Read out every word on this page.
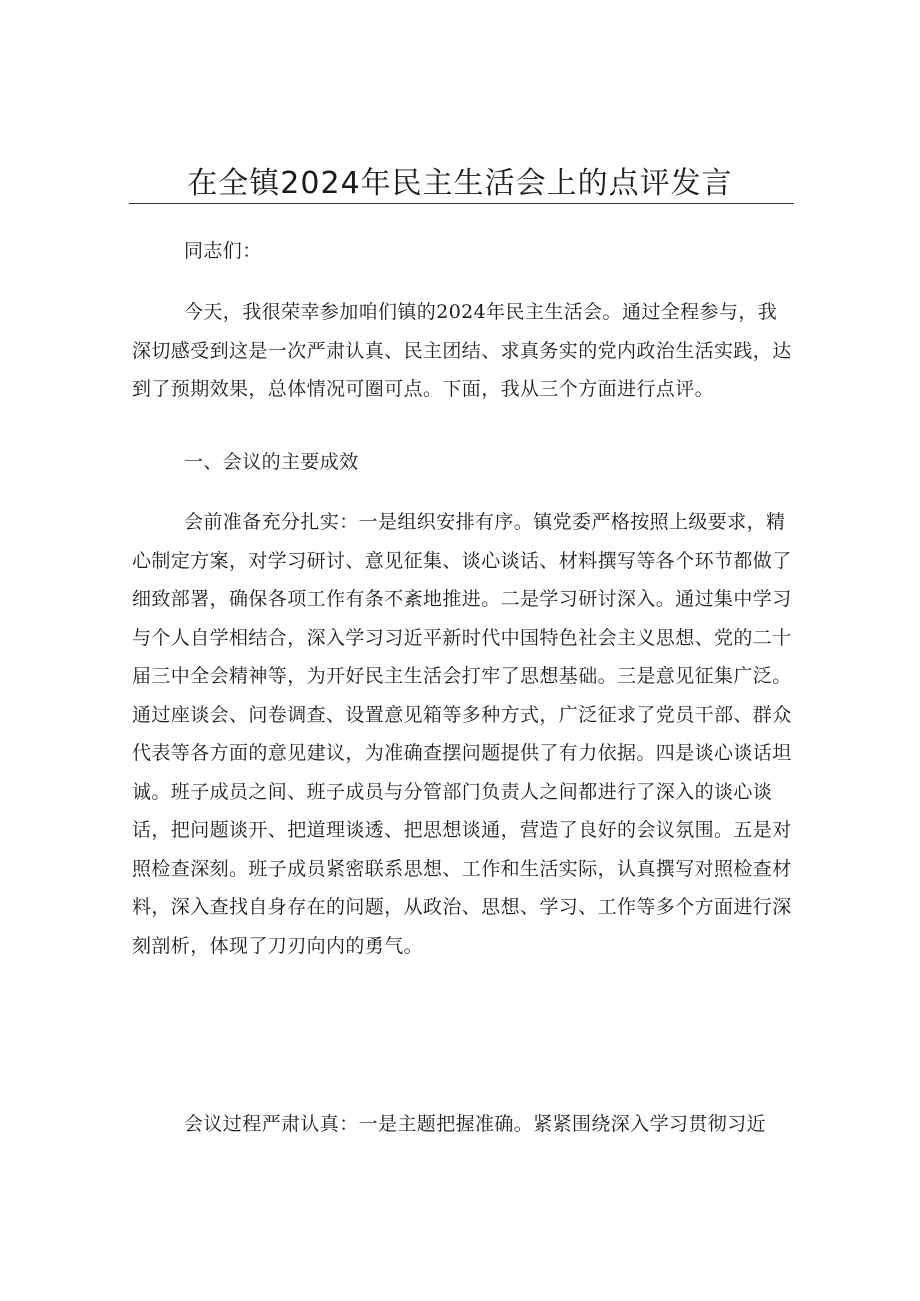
在全镇2024年民主生活会上的点评发言

同志们：

今天，我很荣幸参加咱们镇的2024年民主生活会。通过全程参与，我深切感受到这是一次严肃认真、民主团结、求真务实的党内政治生活实践，达到了预期效果，总体情况可圈可点。下面，我从三个方面进行点评。

一、会议的主要成效

会前准备充分扎实：一是组织安排有序。镇党委严格按照上级要求，精心制定方案，对学习研讨、意见征集、谈心谈话、材料撰写等各个环节都做了细致部署，确保各项工作有条不紊地推进。二是学习研讨深入。通过集中学习与个人自学相结合，深入学习习近平新时代中国特色社会主义思想、党的二十届三中全会精神等，为开好民主生活会打牢了思想基础。三是意见征集广泛。通过座谈会、问卷调查、设置意见箱等多种方式，广泛征求了党员干部、群众代表等各方面的意见建议，为准确查摆问题提供了有力依据。四是谈心谈话坦诚。班子成员之间、班子成员与分管部门负责人之间都进行了深入的谈心谈话，把问题谈开、把道理谈透、把思想谈通，营造了良好的会议氛围。五是对照检查深刻。班子成员紧密联系思想、工作和生活实际，认真撰写对照检查材料，深入查找自身存在的问题，从政治、思想、学习、工作等多个方面进行深刻剖析，体现了刀刃向内的勇气。

会议过程严肃认真：一是主题把握准确。紧紧围绕深入学习贯彻习近
